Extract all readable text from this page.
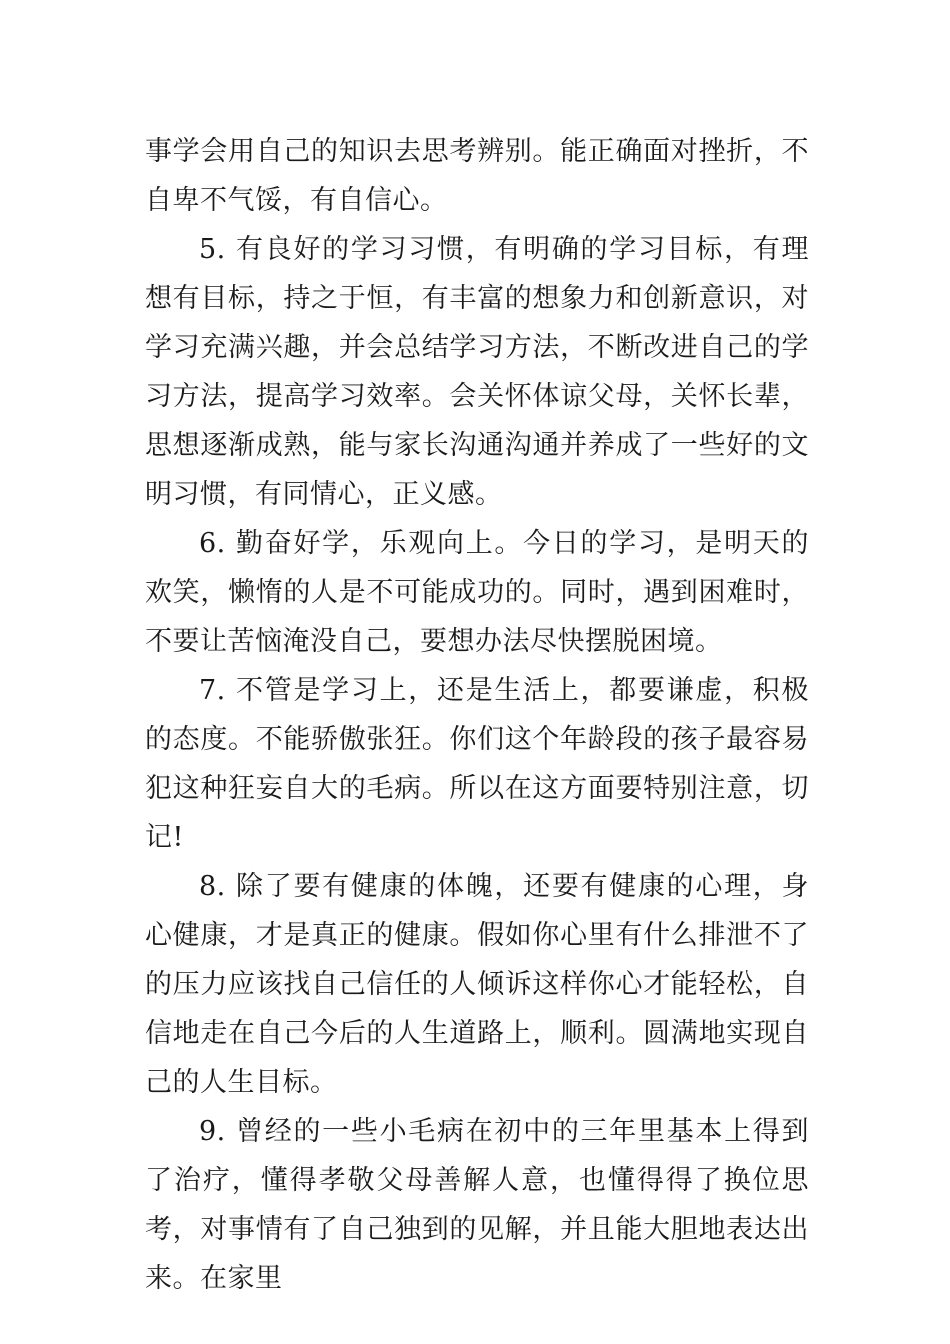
事学会用自己的知识去思考辨别。能正确面对挫折，不自卑不气馁，有自信心。

5. 有良好的学习习惯，有明确的学习目标，有理想有目标，持之于恒，有丰富的想象力和创新意识，对学习充满兴趣，并会总结学习方法，不断改进自己的学习方法，提高学习效率。会关怀体谅父母，关怀长辈，思想逐渐成熟，能与家长沟通沟通并养成了一些好的文明习惯，有同情心，正义感。

6. 勤奋好学，乐观向上。今日的学习，是明天的欢笑，懒惰的人是不可能成功的。同时，遇到困难时，不要让苦恼淹没自己，要想办法尽快摆脱困境。

7. 不管是学习上，还是生活上，都要谦虚，积极的态度。不能骄傲张狂。你们这个年龄段的孩子最容易犯这种狂妄自大的毛病。所以在这方面要特别注意，切记!

8. 除了要有健康的体魄，还要有健康的心理，身心健康，才是真正的健康。假如你心里有什么排泄不了的压力应该找自己信任的人倾诉这样你心才能轻松，自信地走在自己今后的人生道路上，顺利。圆满地实现自己的人生目标。

9. 曾经的一些小毛病在初中的三年里基本上得到了治疗，懂得孝敬父母善解人意，也懂得得了换位思考，对事情有了自己独到的见解，并且能大胆地表达出来。在家里
